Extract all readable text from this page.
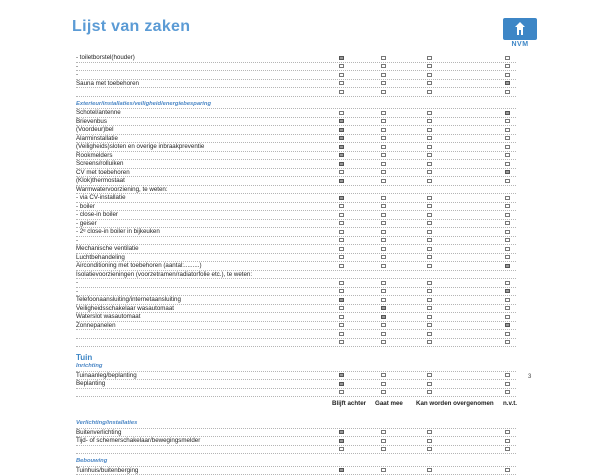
Lijst van zaken
NVM
- toiletborstel(houder)
-
-
Sauna met toebehoren
Exterieur/installaties/veiligheid/energiebesparing
Schotel/antenne
Brievenbus
(Voordeur)bel
Alarminstallatie
(Veiligheids)sloten en overige inbraakpreventie
Rookmelders
Screens/rolluiken
CV met toebehoren
(Klok)thermostaat
Warmwatervoorziening, te weten:
- via CV-installatie
- boiler
- close-in boiler
- geiser
- 2ᵉ close-in boiler in bijkeuken
-
Mechanische ventilatie
Luchtbehandeling
Airconditioning met toebehoren (aantal:.........)
Isolatievoorzieningen (voorzetramen/radiatorfolie etc.), te weten:
-
-
Telefoonaansluiting/internetaansluiting
Veiligheidsschakelaar wasautomaat
Waterslot wasautomaat
Zonnepanelen
Tuin
Inrichting
Tuinaanleg/beplanting
Beplanting
Blijft achter Gaat mee Kan worden overgenomen	n.v.t.
Verlichting/installaties
Buitenverlichting
Tijd- of schemerschakelaar/bewegingsmelder
Bebouwing
Tuinhuis/buitenberging
3
